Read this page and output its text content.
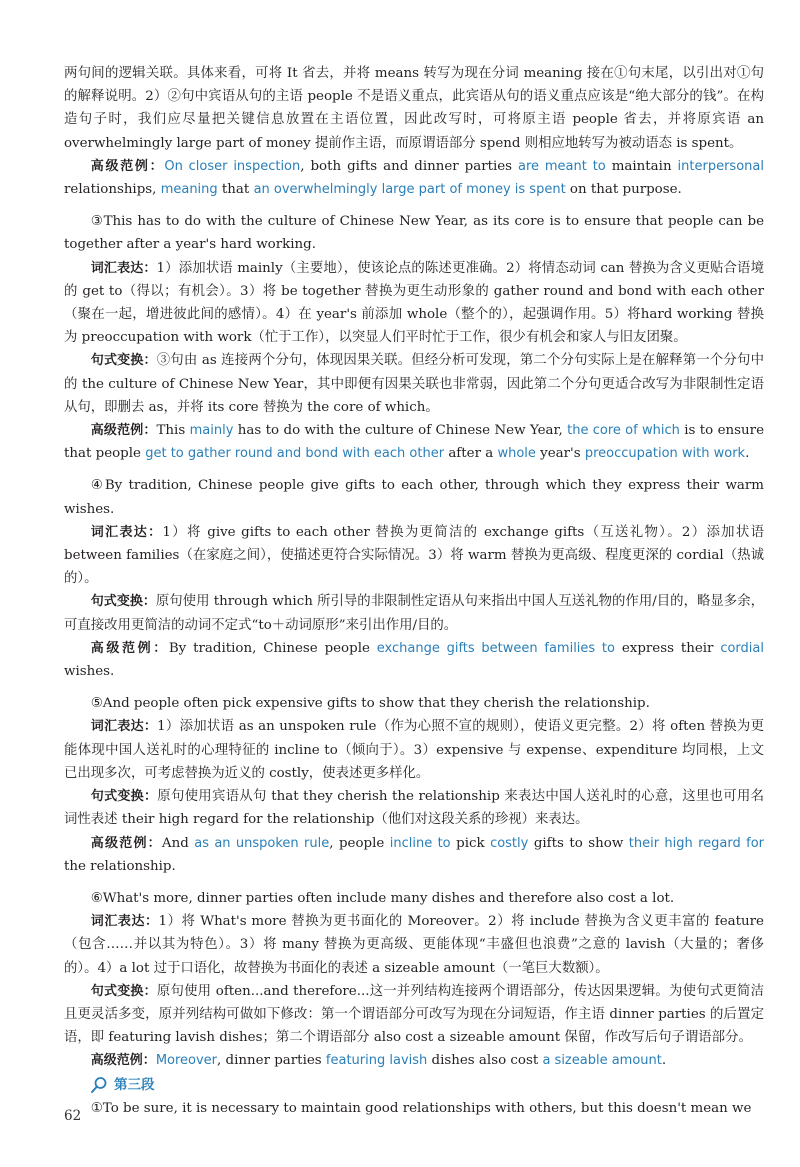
两句间的逻辑关联。具体来看，可将 It 省去，并将 means 转写为现在分词 meaning 接在①句末尾，以引出对①句的解释说明。2）②句中宾语从句的主语 people 不是语义重点，此宾语从句的语义重点应该是“绝大部分的钱”。在构造句子时，我们应尽量把关键信息放置在主语位置，因此改写时，可将原主语 people 省去，并将原宾语 an overwhelmingly large part of money 提前作主语，而原谓语部分 spend 则相应地转写为被动语态 is spent。

高级范例：On closer inspection, both gifts and dinner parties are meant to maintain interpersonal relationships, meaning that an overwhelmingly large part of money is spent on that purpose.

③This has to do with the culture of Chinese New Year, as its core is to ensure that people can be together after a year's hard working.

词汇表达：1）添加状语 mainly（主要地），使该论点的陈述更准确。2）将情态动词 can 替换为含义更贴合语境的 get to（得以；有机会）。3）将 be together 替换为更生动形象的 gather round and bond with each other（聚在一起，增进彼此间的感情）。4）在 year's 前添加 whole（整个的），起强调作用。5）将hard working 替换为 preoccupation with work（忙于工作），以突显人们平时忙于工作，很少有机会和家人与旧友团聚。

句式变换：③句由 as 连接两个分句，体现因果关联。但经分析可发现，第二个分句实际上是在解释第一个分句中的 the culture of Chinese New Year，其中即便有因果关联也非常弱，因此第二个分句更适合改写为非限制性定语从句，即删去 as，并将 its core 替换为 the core of which。

高级范例：This mainly has to do with the culture of Chinese New Year, the core of which is to ensure that people get to gather round and bond with each other after a whole year's preoccupation with work.

④By tradition, Chinese people give gifts to each other, through which they express their warm wishes.

词汇表达：1）将 give gifts to each other 替换为更简洁的 exchange gifts（互送礼物）。2）添加状语 between families（在家庭之间），使描述更符合实际情况。3）将 warm 替换为更高级、程度更深的 cordial（热诚的）。

句式变换：原句使用 through which 所引导的非限制性定语从句来指出中国人互送礼物的作用/目的，略显多余，可直接改用更简洁的动词不定式“to＋动词原形”来引出作用/目的。

高级范例：By tradition, Chinese people exchange gifts between families to express their cordial wishes.

⑤And people often pick expensive gifts to show that they cherish the relationship.

词汇表达：1）添加状语 as an unspoken rule（作为心照不宣的规则），使语义更完整。2）将 often 替换为更能体现中国人送礼时的心理特征的 incline to（倾向于）。3）expensive 与 expense、expenditure 均同根，上文已出现多次，可考虑替换为近义的 costly，使表述更多样化。

句式变换：原句使用宾语从句 that they cherish the relationship 来表达中国人送礼时的心意，这里也可用名词性表述 their high regard for the relationship（他们对这段关系的珍视）来表达。

高级范例：And as an unspoken rule, people incline to pick costly gifts to show their high regard for the relationship.

⑥What's more, dinner parties often include many dishes and therefore also cost a lot.

词汇表达：1）将 What's more 替换为更书面化的 Moreover。2）将 include 替换为含义更丰富的 feature（包含……并以其为特色）。3）将 many 替换为更高级、更能体现“丰盛但也浪费”之意的 lavish（大量的；奢侈的）。4）a lot 过于口语化，故替换为书面化的表述 a sizeable amount（一笔巨大数额）。

句式变换：原句使用 often...and therefore...这一并列结构连接两个谓语部分，传达因果逻辑。为使句式更简洁且更灵活多变，原并列结构可做如下修改：第一个谓语部分可改写为现在分词短语，作主语 dinner parties 的后置定语，即 featuring lavish dishes；第二个谓语部分 also cost a sizeable amount 保留，作改写后句子谓语部分。

高级范例：Moreover, dinner parties featuring lavish dishes also cost a sizeable amount.

第三段

①To be sure, it is necessary to maintain good relationships with others, but this doesn't mean we

62
